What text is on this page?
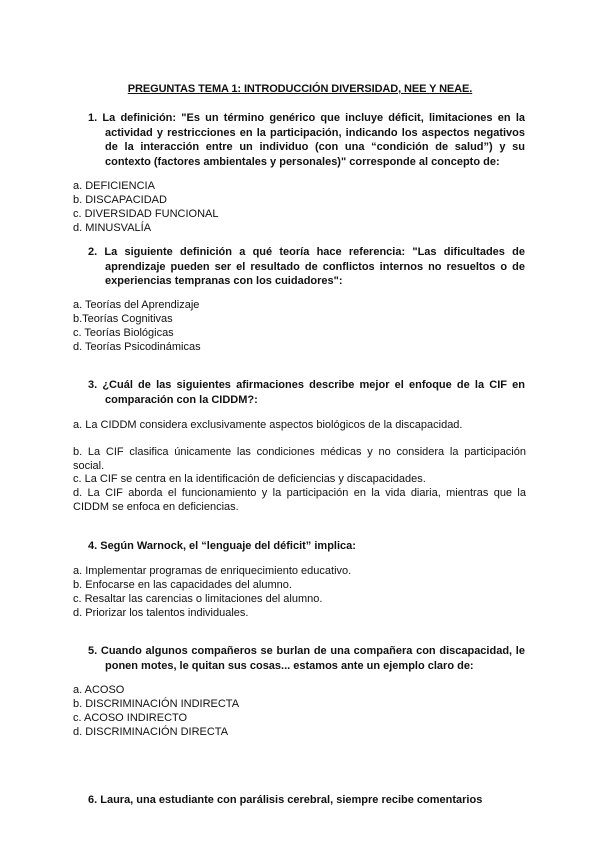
PREGUNTAS TEMA 1: INTRODUCCIÓN DIVERSIDAD, NEE Y NEAE.
1. La definición: "Es un término genérico que incluye déficit, limitaciones en la actividad y restricciones en la participación, indicando los aspectos negativos de la interacción entre un individuo (con una “condición de salud”) y su contexto (factores ambientales y personales)" corresponde al concepto de:
a. DEFICIENCIA
b. DISCAPACIDAD
c. DIVERSIDAD FUNCIONAL
d. MINUSVALÍA
2. La siguiente definición a qué teoría hace referencia: "Las dificultades de aprendizaje pueden ser el resultado de conflictos internos no resueltos o de experiencias tempranas con los cuidadores":
a. Teorías del Aprendizaje
b.Teorías Cognitivas
c. Teorías Biológicas
d. Teorías Psicodinámicas
3. ¿Cuál de las siguientes afirmaciones describe mejor el enfoque de la CIF en comparación con la CIDDM?:
a. La CIDDM considera exclusivamente aspectos biológicos de la discapacidad.
b. La CIF clasifica únicamente las condiciones médicas y no considera la participación social.
c. La CIF se centra en la identificación de deficiencias y discapacidades.
d. La CIF aborda el funcionamiento y la participación en la vida diaria, mientras que la CIDDM se enfoca en deficiencias.
4. Según Warnock, el “lenguaje del déficit” implica:
a. Implementar programas de enriquecimiento educativo.
b. Enfocarse en las capacidades del alumno.
c. Resaltar las carencias o limitaciones del alumno.
d. Priorizar los talentos individuales.
5. Cuando algunos compañeros se burlan de una compañera con discapacidad, le ponen motes, le quitan sus cosas... estamos ante un ejemplo claro de:
a. ACOSO
b. DISCRIMINACIÓN INDIRECTA
c. ACOSO INDIRECTO
d. DISCRIMINACIÓN DIRECTA
6. Laura, una estudiante con parálisis cerebral, siempre recibe comentarios
